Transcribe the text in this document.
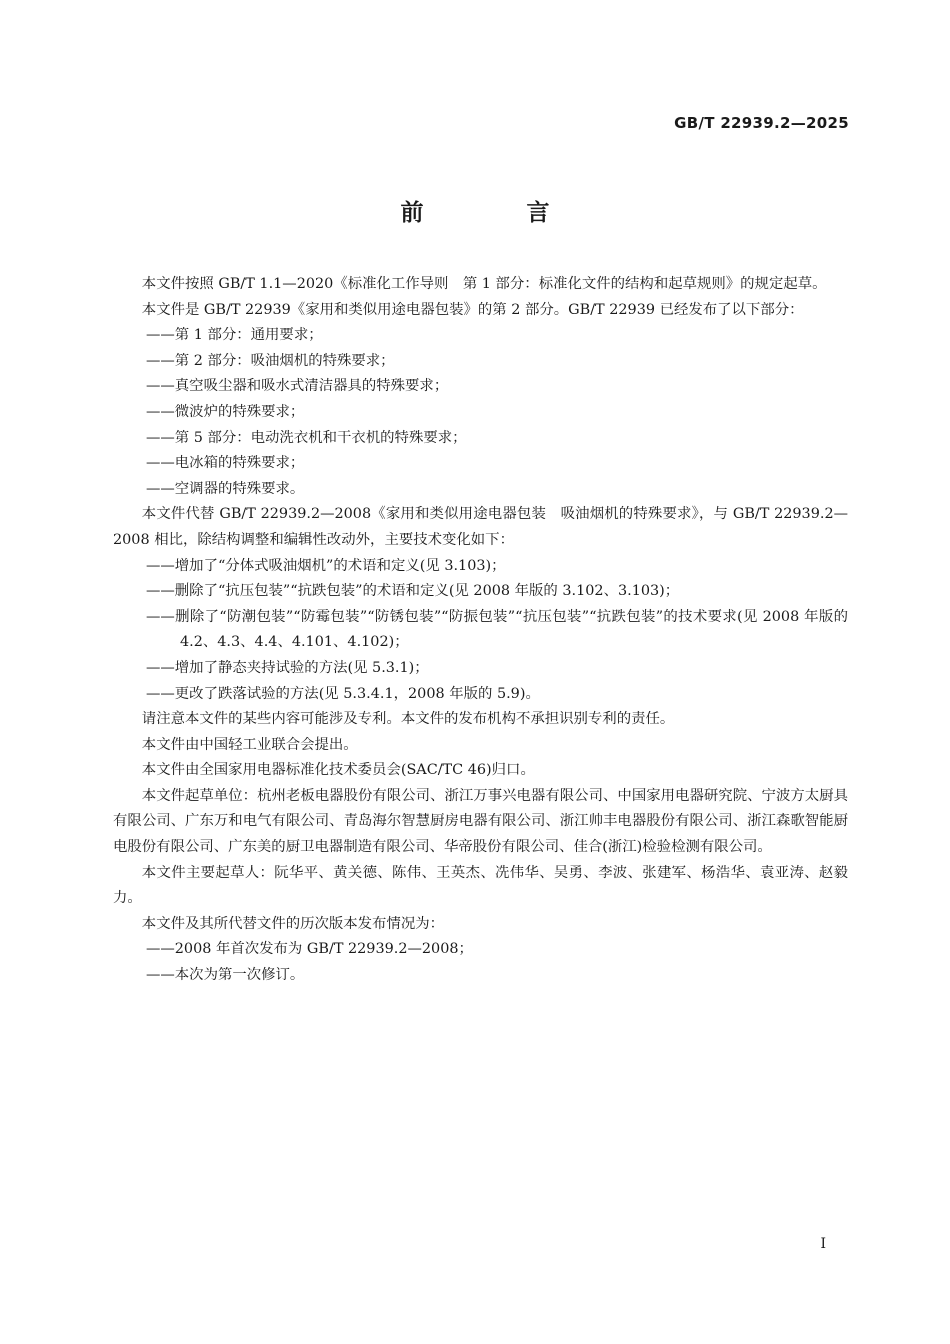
GB/T 22939.2—2025
前　言

本文件按照 GB/T 1.1—2020《标准化工作导则　第 1 部分：标准化文件的结构和起草规则》的规定起草。

本文件是 GB/T 22939《家用和类似用途电器包装》的第 2 部分。GB/T 22939 已经发布了以下部分：

——第 1 部分：通用要求；

——第 2 部分：吸油烟机的特殊要求；

——真空吸尘器和吸水式清洁器具的特殊要求；

——微波炉的特殊要求；

——第 5 部分：电动洗衣机和干衣机的特殊要求；

——电冰箱的特殊要求；

——空调器的特殊要求。

本文件代替 GB/T 22939.2—2008《家用和类似用途电器包装　吸油烟机的特殊要求》，与 GB/T 22939.2—2008 相比，除结构调整和编辑性改动外，主要技术变化如下：

——增加了“分体式吸油烟机”的术语和定义(见 3.103)；

——删除了“抗压包装”“抗跌包装”的术语和定义(见 2008 年版的 3.102、3.103)；

——删除了“防潮包装”“防霉包装”“防锈包装”“防振包装”“抗压包装”“抗跌包装”的技术要求(见 2008 年版的 4.2、4.3、4.4、4.101、4.102)；

——增加了静态夹持试验的方法(见 5.3.1)；

——更改了跌落试验的方法(见 5.3.4.1，2008 年版的 5.9)。

请注意本文件的某些内容可能涉及专利。本文件的发布机构不承担识别专利的责任。

本文件由中国轻工业联合会提出。

本文件由全国家用电器标准化技术委员会(SAC/TC 46)归口。

本文件起草单位：杭州老板电器股份有限公司、浙江万事兴电器有限公司、中国家用电器研究院、宁波方太厨具有限公司、广东万和电气有限公司、青岛海尔智慧厨房电器有限公司、浙江帅丰电器股份有限公司、浙江森歌智能厨电股份有限公司、广东美的厨卫电器制造有限公司、华帝股份有限公司、佳合(浙江)检验检测有限公司。

本文件主要起草人：阮华平、黄关德、陈伟、王英杰、冼伟华、吴勇、李波、张建军、杨浩华、袁亚涛、赵毅力。

本文件及其所代替文件的历次版本发布情况为：

——2008 年首次发布为 GB/T 22939.2—2008；

——本次为第一次修订。

I
